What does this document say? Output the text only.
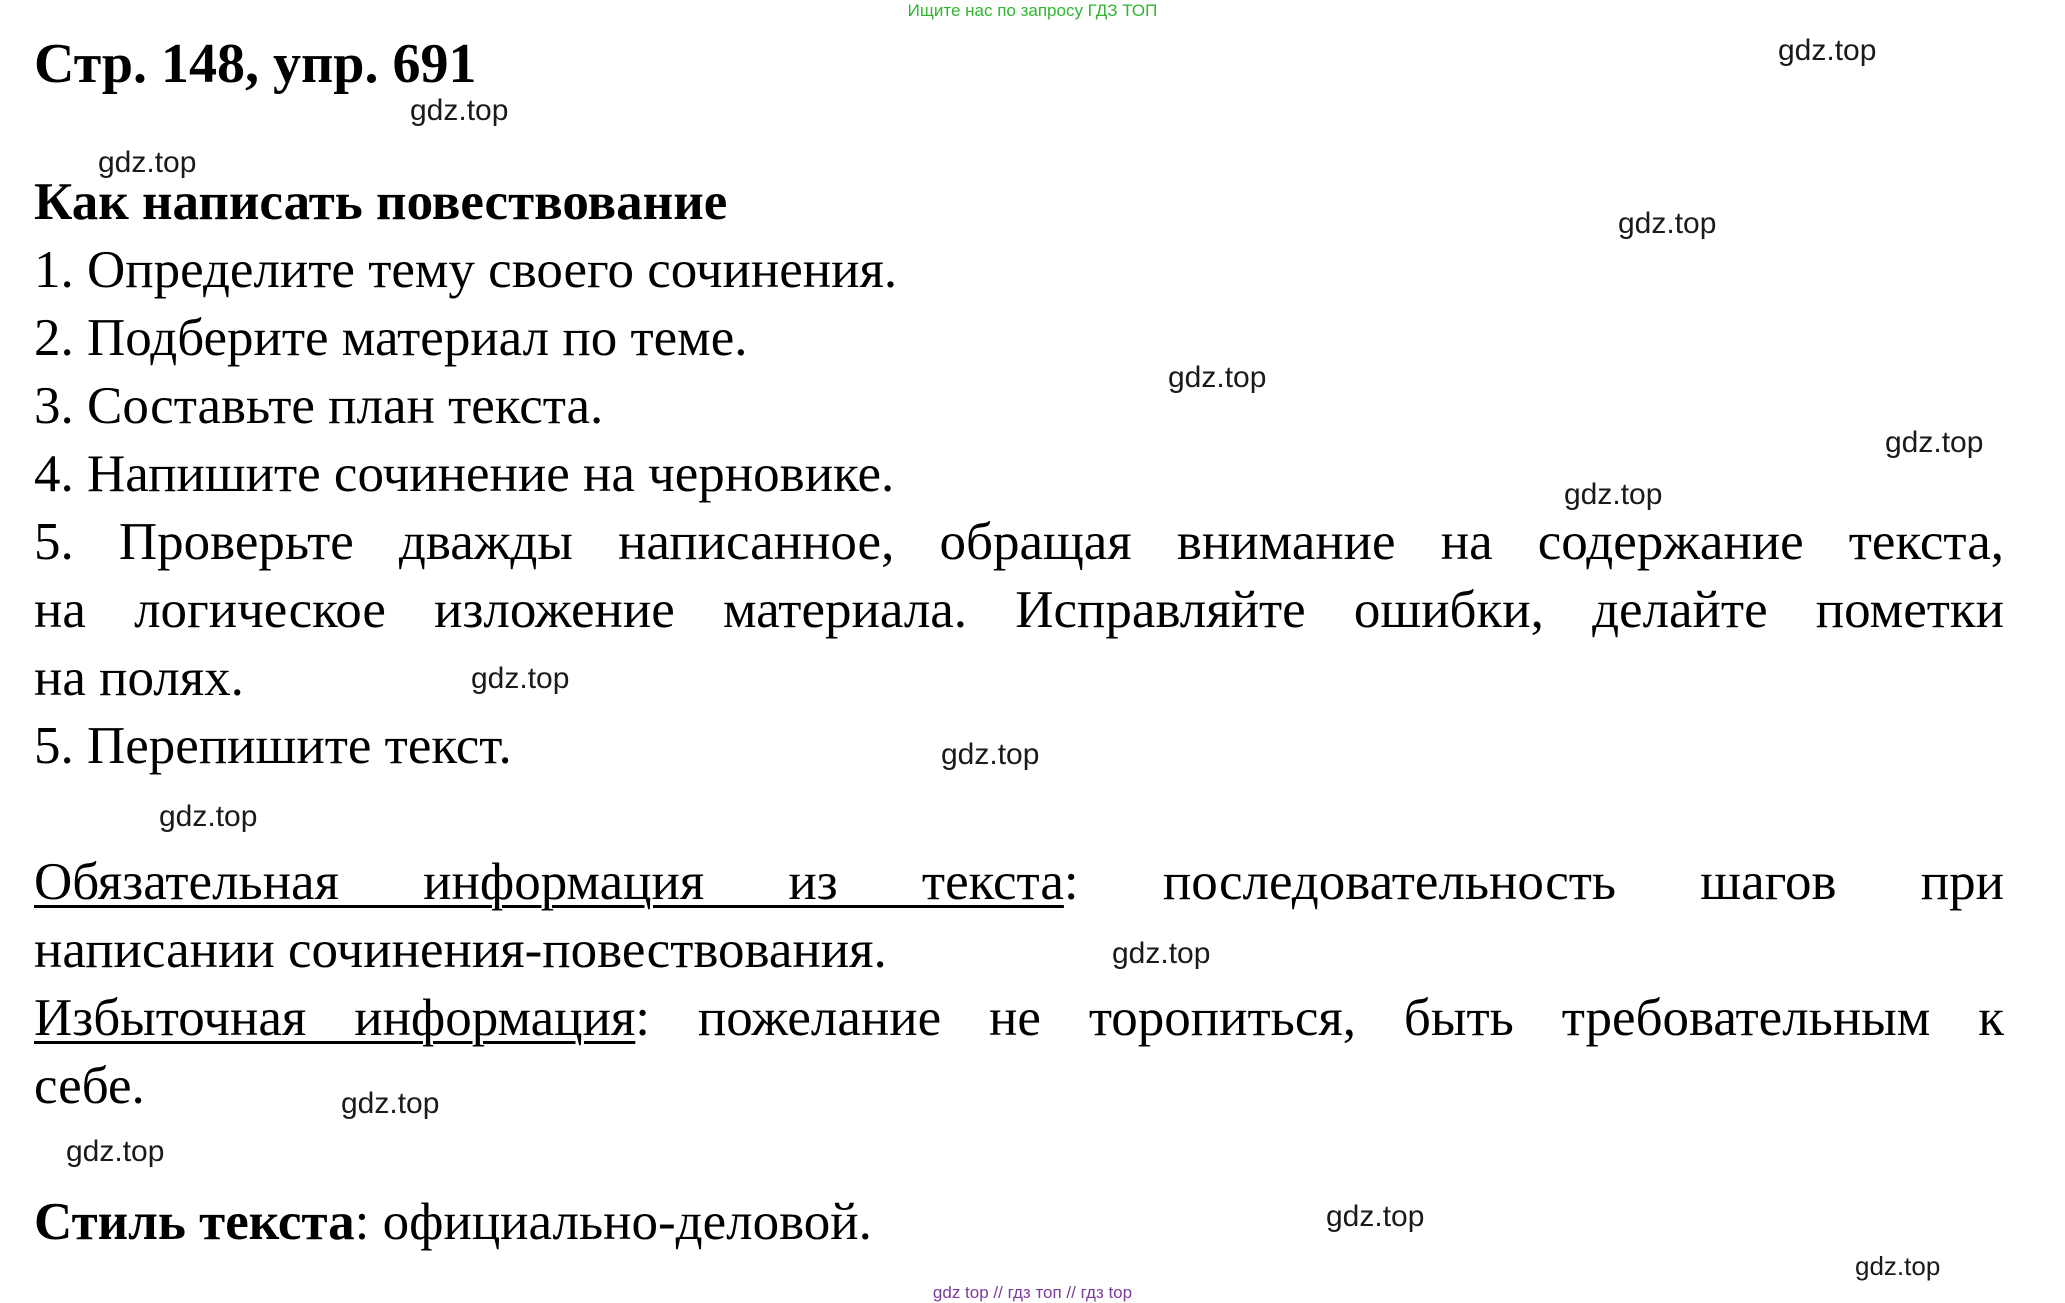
Ищите нас по запросу ГДЗ ТОП
Стр. 148, упр. 691
Как написать повествование
1. Определите тему своего сочинения.
2. Подберите материал по теме.
3. Составьте план текста.
4. Напишите сочинение на черновике.
5. Проверьте дважды написанное, обращая внимание на содержание текста,
на логическое изложение материала. Исправляйте ошибки, делайте пометки
на полях.
5. Перепишите текст.
Обязательная информация из текста: последовательность шагов при
написании сочинения-повествования.
Избыточная информация: пожелание не торопиться, быть требовательным к
себе.
Стиль текста: официально-деловой.
gdz.top
gdz.top
gdz.top
gdz.top
gdz.top
gdz.top
gdz.top
gdz.top
gdz.top
gdz.top
gdz.top
gdz.top
gdz.top
gdz.top
gdz.top
gdz top // гдз топ // гдз top
